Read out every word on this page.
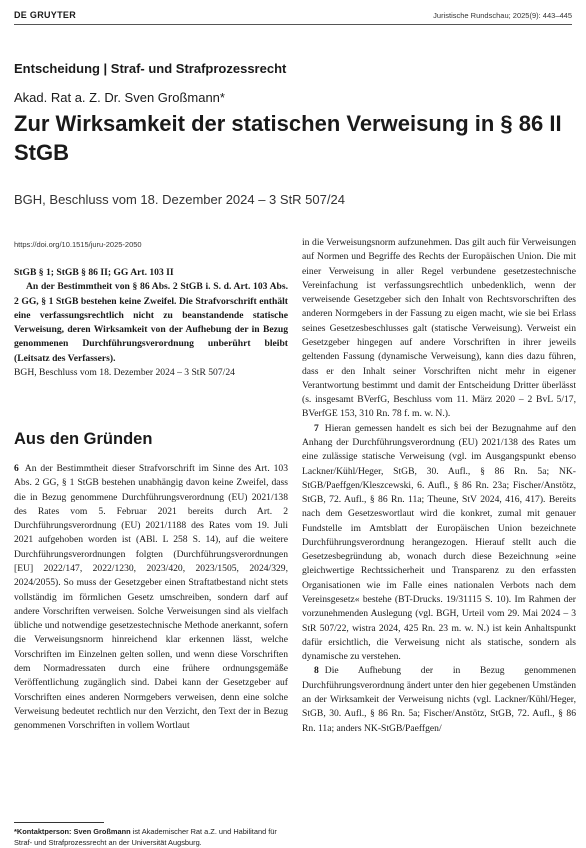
DE GRUYTER	Juristische Rundschau; 2025(9): 443–445
Entscheidung | Straf- und Strafprozessrecht
Akad. Rat a. Z. Dr. Sven Großmann*
Zur Wirksamkeit der statischen Verweisung in § 86 II StGB
BGH, Beschluss vom 18. Dezember 2024 – 3 StR 507/24
https://doi.org/10.1515/juru-2025-2050

StGB § 1; StGB § 86 II; GG Art. 103 II

An der Bestimmtheit von § 86 Abs. 2 StGB i. S. d. Art. 103 Abs. 2 GG, § 1 StGB bestehen keine Zweifel. Die Strafvorschrift enthält eine verfassungsrechtlich nicht zu beanstandende statische Verweisung, deren Wirksamkeit von der Aufhebung der in Bezug genommenen Durchführungsverordnung unberührt bleibt (Leitsatz des Verfassers).

BGH, Beschluss vom 18. Dezember 2024 – 3 StR 507/24

Aus den Gründen

6 An der Bestimmtheit dieser Strafvorschrift im Sinne des Art. 103 Abs. 2 GG, § 1 StGB bestehen unabhängig davon keine Zweifel, dass die in Bezug genommene Durchführungsverordnung (EU) 2021/138 des Rates vom 5. Februar 2021 bereits durch Art. 2 Durchführungsverordnung (EU) 2021/1188 des Rates vom 19. Juli 2021 aufgehoben worden ist (ABl. L 258 S. 14), auf die weitere Durchführungsverordnungen folgten (Durchführungsverordnungen [EU] 2022/147, 2022/1230, 2023/420, 2023/1505, 2024/329, 2024/2055). So muss der Gesetzgeber einen Straftatbestand nicht stets vollständig im förmlichen Gesetz umschreiben, sondern darf auf andere Vorschriften verweisen. Solche Verweisungen sind als vielfach übliche und notwendige gesetzestechnische Methode anerkannt, sofern die Verweisungsnorm hinreichend klar erkennen lässt, welche Vorschriften im Einzelnen gelten sollen, und wenn diese Vorschriften dem Normadressaten durch eine frühere ordnungsgemäße Veröffentlichung zugänglich sind. Dabei kann der Gesetzgeber auf Vorschriften eines anderen Normgebers verweisen, denn eine solche Verweisung bedeutet rechtlich nur den Verzicht, den Text der in Bezug genommenen Vorschriften in vollem Wortlaut

in die Verweisungsnorm aufzunehmen. Das gilt auch für Verweisungen auf Normen und Begriffe des Rechts der Europäischen Union. Die mit einer Verweisung in aller Regel verbundene gesetzestechnische Vereinfachung ist verfassungsrechtlich unbedenklich, wenn der verweisende Gesetzgeber sich den Inhalt von Rechtsvorschriften des anderen Normgebers in der Fassung zu eigen macht, wie sie bei Erlass seines Gesetzesbeschlusses galt (statische Verweisung). Verweist ein Gesetzgeber hingegen auf andere Vorschriften in ihrer jeweils geltenden Fassung (dynamische Verweisung), kann dies dazu führen, dass er den Inhalt seiner Vorschriften nicht mehr in eigener Verantwortung bestimmt und damit der Entscheidung Dritter überlässt (s. insgesamt BVerfG, Beschluss vom 11. März 2020 – 2 BvL 5/17, BVerfGE 153, 310 Rn. 78 f. m. w. N.).

7 Hieran gemessen handelt es sich bei der Bezugnahme auf den Anhang der Durchführungsverordnung (EU) 2021/138 des Rates um eine zulässige statische Verweisung (vgl. im Ausgangspunkt ebenso Lackner/Kühl/Heger, StGB, 30. Aufl., § 86 Rn. 5a; NK-StGB/Paeffgen/Kleszcewski, 6. Aufl., § 86 Rn. 23a; Fischer/Anstötz, StGB, 72. Aufl., § 86 Rn. 11a; Theune, StV 2024, 416, 417). Bereits nach dem Gesetzeswortlaut wird die konkret, zumal mit genauer Fundstelle im Amtsblatt der Europäischen Union bezeichnete Durchführungsverordnung herangezogen. Hierauf stellt auch die Gesetzesbegründung ab, wonach durch diese Bezeichnung »eine gleichwertige Rechtssicherheit und Transparenz zu den erfassten Organisationen wie im Falle eines nationalen Verbots nach dem Vereinsgesetz« bestehe (BT-Drucks. 19/31115 S. 10). Im Rahmen der vorzunehmenden Auslegung (vgl. BGH, Urteil vom 29. Mai 2024 – 3 StR 507/22, wistra 2024, 425 Rn. 23 m. w. N.) ist kein Anhaltspunkt dafür ersichtlich, die Verweisung nicht als statische, sondern als dynamische zu verstehen.

8 Die Aufhebung der in Bezug genommenen Durchführungsverordnung ändert unter den hier gegebenen Umständen an der Wirksamkeit der Verweisung nichts (vgl. Lackner/Kühl/Heger, StGB, 30. Aufl., § 86 Rn. 5a; Fischer/Anstötz, StGB, 72. Aufl., § 86 Rn. 11a; anders NK-StGB/Paeffgen/

*Kontaktperson: Sven Großmann ist Akademischer Rat a.Z. und Habilitand für Straf- und Strafprozessrecht an der Universität Augsburg.
